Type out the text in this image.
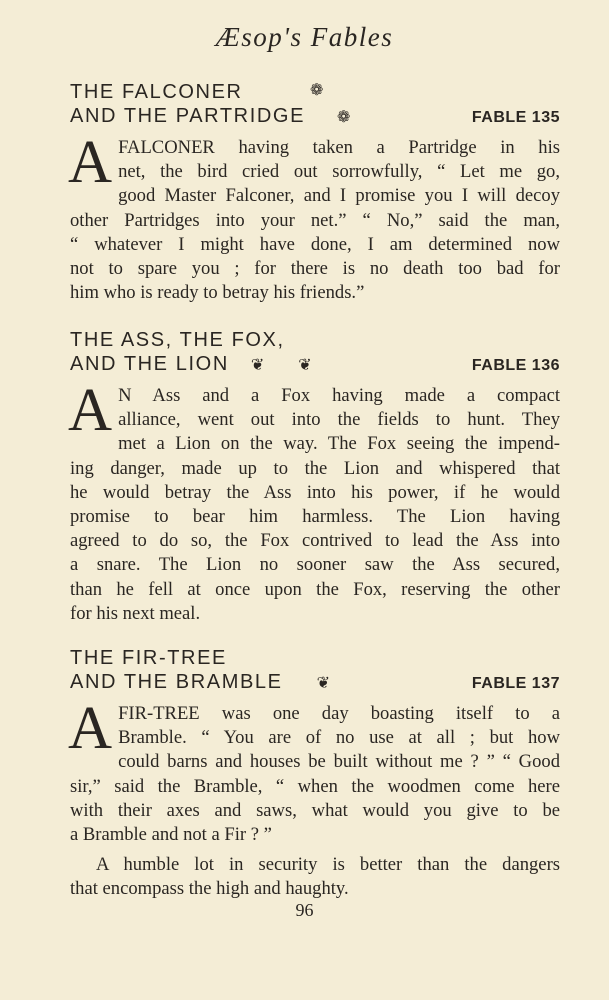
Æsop's Fables
THE FALCONER	❁
AND THE PARTRIDGE ❁	FABLE 135
A FALCONER having taken a Partridge in his
net, the bird cried out sorrowfully, “ Let me go,
good Master Falconer, and I promise you I will decoy
other Partridges into your net.” “ No,” said the man,
“ whatever I might have done, I am determined now
not to spare you ; for there is no death too bad for
him who is ready to betray his friends.”
THE ASS, THE FOX,
AND THE LION ❦ ❦	FABLE 136
A N Ass and a Fox having made a compact
alliance, went out into the fields to hunt. They
met a Lion on the way. The Fox seeing the impend-
ing danger, made up to the Lion and whispered that
he would betray the Ass into his power, if he would
promise to bear him harmless. The Lion having
agreed to do so, the Fox contrived to lead the Ass into
a snare. The Lion no sooner saw the Ass secured,
than he fell at once upon the Fox, reserving the other
for his next meal.
THE FIR-TREE
AND THE BRAMBLE ❦	FABLE 137
A FIR-TREE was one day boasting itself to a
Bramble. “ You are of no use at all ; but how
could barns and houses be built without me ? ” “ Good
sir,” said the Bramble, “ when the woodmen come here
with their axes and saws, what would you give to be
a Bramble and not a Fir ? ”
A humble lot in security is better than the dangers
that encompass the high and haughty.
96
